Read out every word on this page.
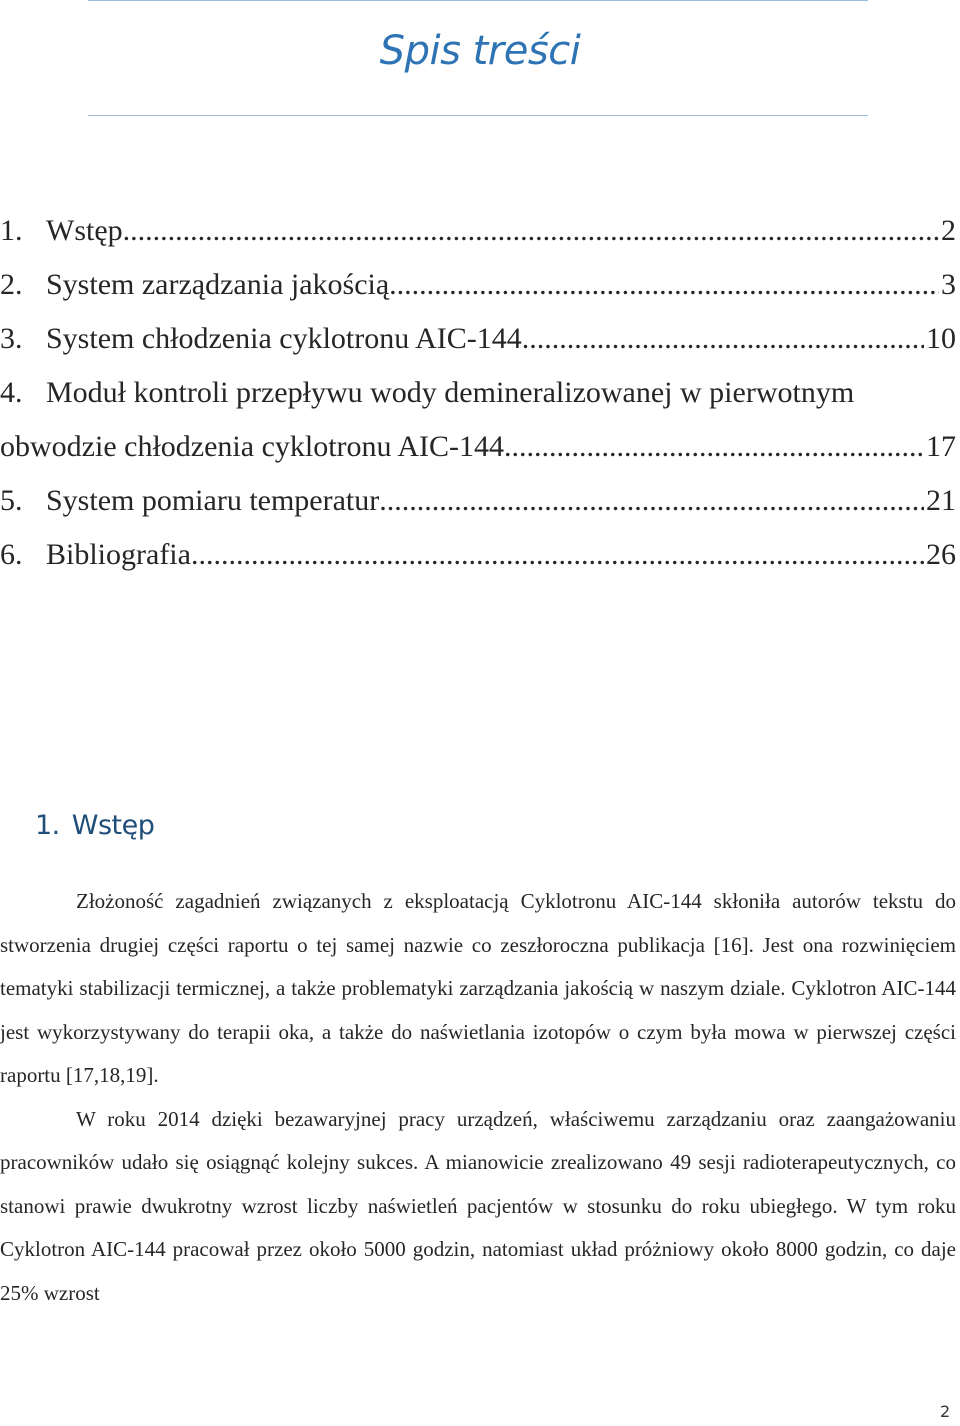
Spis treści
1. Wstęp .....	2
2. System zarządzania jakością .....	3
3. System chłodzenia cyklotronu AIC-144. .....	10
4. Moduł kontroli przepływu wody demineralizowanej w pierwotnym
obwodzie chłodzenia cyklotronu AIC-144. .....	17
5. System pomiaru temperatur .....	21
6. Bibliografia .....	26
1. Wstęp

Złożoność zagadnień związanych z eksploatacją Cyklotronu AIC-144 skłoniła autorów tekstu do stworzenia drugiej części raportu o tej samej nazwie co zeszłoroczna publikacja [16]. Jest ona rozwinięciem tematyki stabilizacji termicznej, a także problematyki zarządzania jakością w naszym dziale. Cyklotron AIC-144 jest wykorzystywany do terapii oka, a także do naświetlania izotopów o czym była mowa w pierwszej części raportu [17,18,19].

W roku 2014 dzięki bezawaryjnej pracy urządzeń, właściwemu zarządzaniu oraz zaangażowaniu pracowników udało się osiągnąć kolejny sukces. A mianowicie zrealizowano 49 sesji radioterapeutycznych, co stanowi prawie dwukrotny wzrost liczby naświetleń pacjentów w stosunku do roku ubiegłego. W tym roku Cyklotron AIC-144 pracował przez około 5000 godzin, natomiast układ próżniowy około 8000 godzin, co daje 25% wzrost

2
